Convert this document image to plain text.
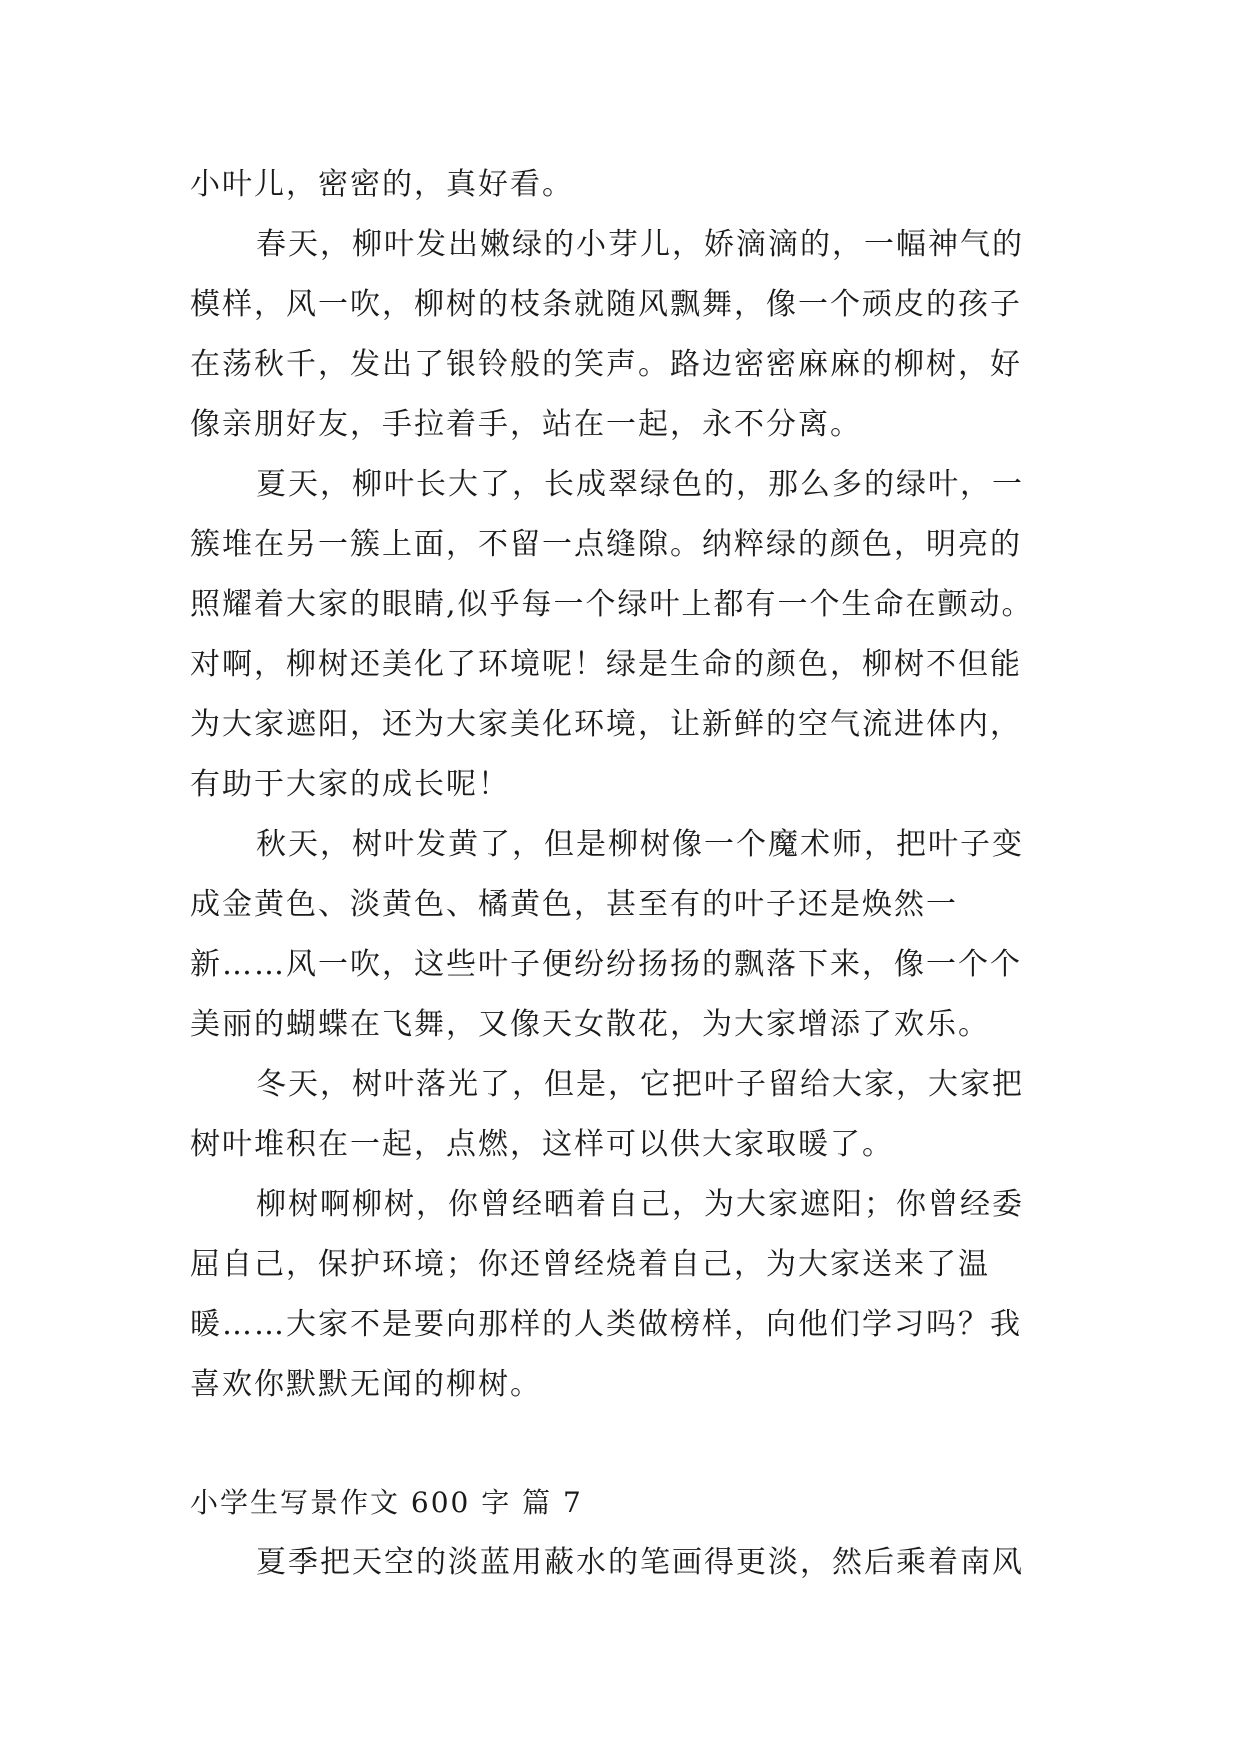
小叶儿，密密的，真好看。
春天，柳叶发出嫩绿的小芽儿，娇滴滴的，一幅神气的
模样，风一吹，柳树的枝条就随风飘舞，像一个顽皮的孩子
在荡秋千，发出了银铃般的笑声。路边密密麻麻的柳树，好
像亲朋好友，手拉着手，站在一起，永不分离。
夏天，柳叶长大了，长成翠绿色的，那么多的绿叶，一
簇堆在另一簇上面，不留一点缝隙。纳粹绿的颜色，明亮的
照耀着大家的眼睛,似乎每一个绿叶上都有一个生命在颤动。
对啊，柳树还美化了环境呢！绿是生命的颜色，柳树不但能
为大家遮阳，还为大家美化环境，让新鲜的空气流进体内，
有助于大家的成长呢！
秋天，树叶发黄了，但是柳树像一个魔术师，把叶子变
成金黄色、淡黄色、橘黄色，甚至有的叶子还是焕然一
新……风一吹，这些叶子便纷纷扬扬的飘落下来，像一个个
美丽的蝴蝶在飞舞，又像天女散花，为大家增添了欢乐。
冬天，树叶落光了，但是，它把叶子留给大家，大家把
树叶堆积在一起，点燃，这样可以供大家取暖了。
柳树啊柳树，你曾经晒着自己，为大家遮阳；你曾经委
屈自己，保护环境；你还曾经烧着自己，为大家送来了温
暖……大家不是要向那样的人类做榜样，向他们学习吗？我
喜欢你默默无闻的柳树。
小学生写景作文 600 字 篇 7
夏季把天空的淡蓝用蔽水的笔画得更淡，然后乘着南风
